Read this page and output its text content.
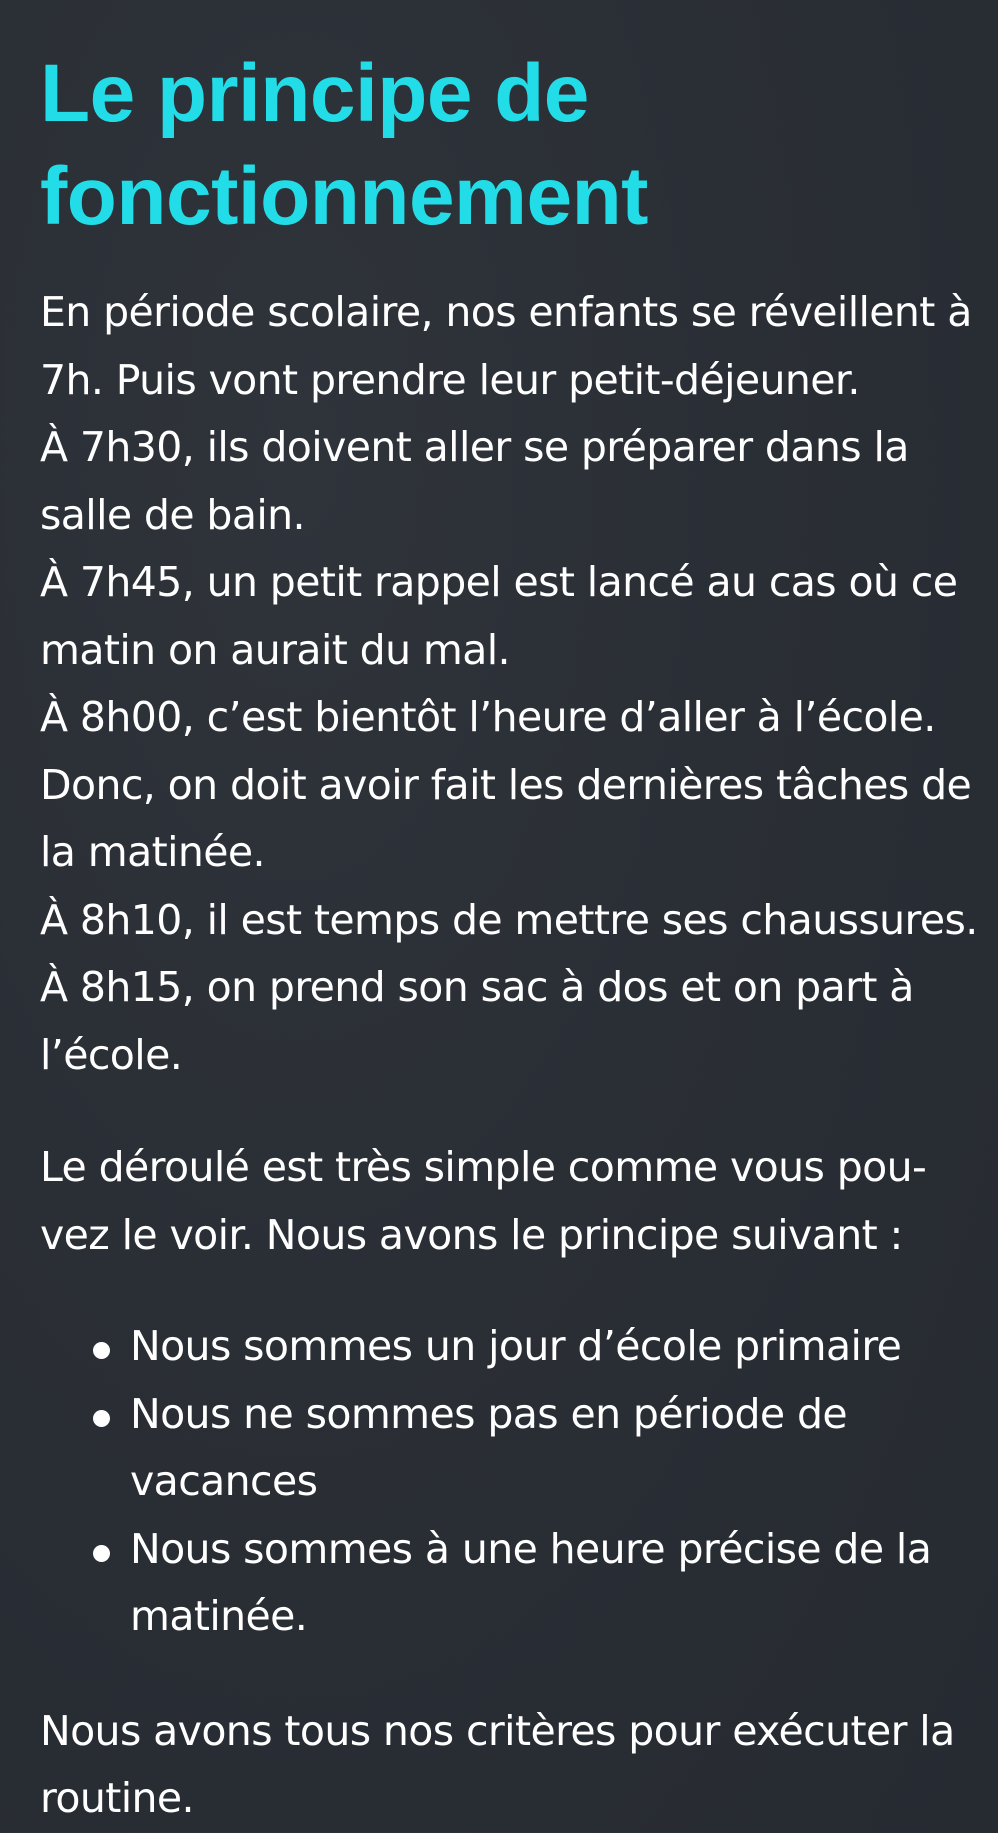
Le principe de
fonctionnement

En période scolaire, nos enfants se réveillent à
7h. Puis vont prendre leur petit-déjeuner.
À 7h30, ils doivent aller se préparer dans la
salle de bain.
À 7h45, un petit rappel est lancé au cas où ce
matin on aurait du mal.
À 8h00, c’est bientôt l’heure d’aller à l’école.
Donc, on doit avoir fait les dernières tâches de
la matinée.
À 8h10, il est temps de mettre ses chaussures.
À 8h15, on prend son sac à dos et on part à
l’école.

Le déroulé est très simple comme vous pou-
vez le voir. Nous avons le principe suivant :

Nous sommes un jour d’école primaire
Nous ne sommes pas en période de
vacances
Nous sommes à une heure précise de la
matinée.

Nous avons tous nos critères pour exécuter la
routine.
